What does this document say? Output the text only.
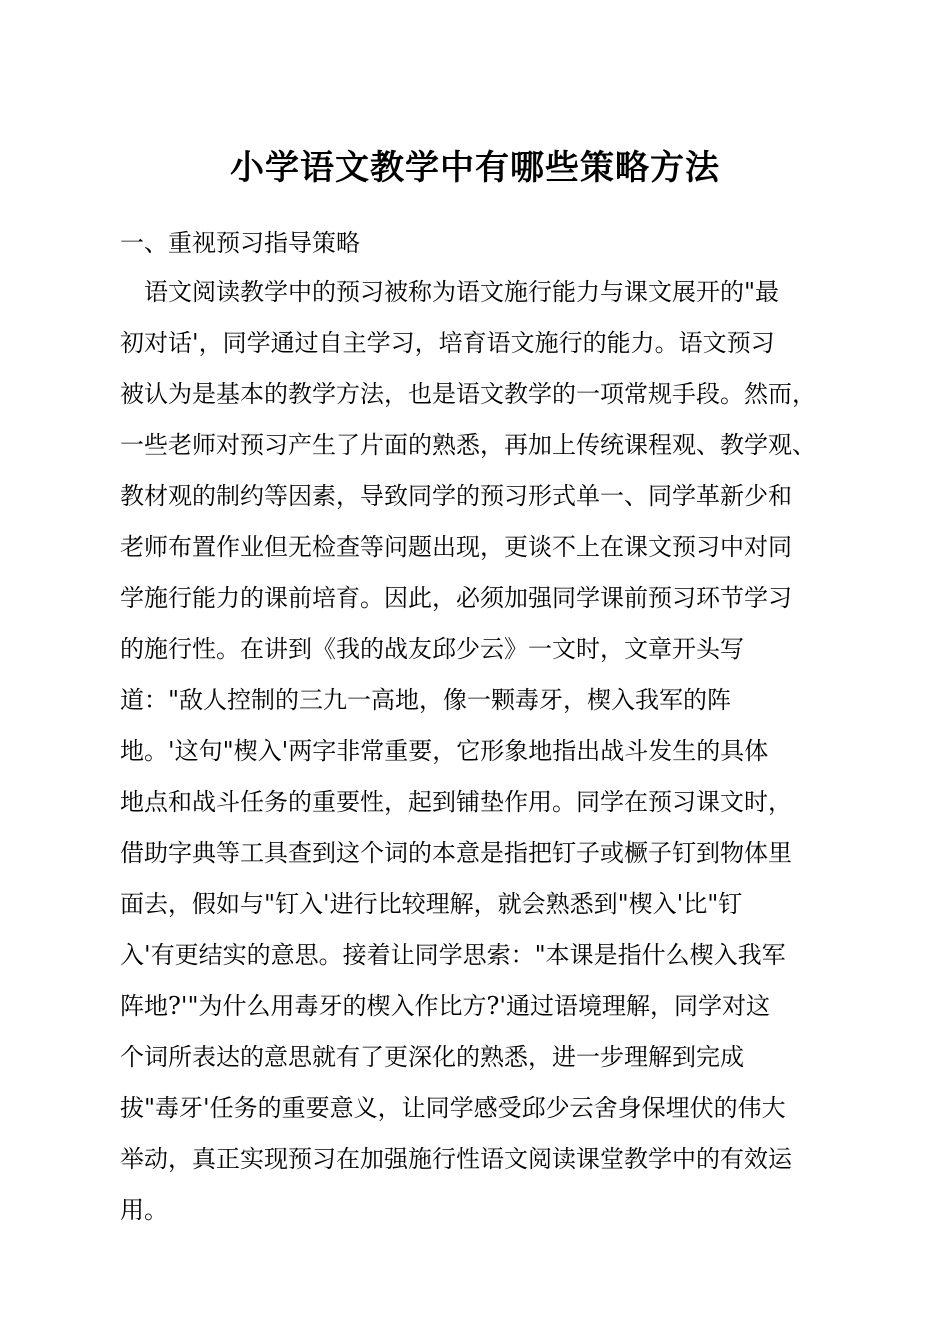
小学语文教学中有哪些策略方法
一、重视预习指导策略
语文阅读教学中的预习被称为语文施行能力与课文展开的"最
初对话'，同学通过自主学习，培育语文施行的能力。语文预习
被认为是基本的教学方法，也是语文教学的一项常规手段。然而，
一些老师对预习产生了片面的熟悉，再加上传统课程观、教学观、
教材观的制约等因素，导致同学的预习形式单一、同学革新少和
老师布置作业但无检查等问题出现，更谈不上在课文预习中对同
学施行能力的课前培育。因此，必须加强同学课前预习环节学习
的施行性。在讲到《我的战友邱少云》一文时，文章开头写
道："敌人控制的三九一高地，像一颗毒牙，楔入我军的阵
地。'这句"楔入'两字非常重要，它形象地指出战斗发生的具体
地点和战斗任务的重要性，起到铺垫作用。同学在预习课文时，
借助字典等工具查到这个词的本意是指把钉子或橛子钉到物体里
面去，假如与"钉入'进行比较理解，就会熟悉到"楔入'比"钉
入'有更结实的意思。接着让同学思索："本课是指什么楔入我军
阵地?'"为什么用毒牙的楔入作比方?'通过语境理解，同学对这
个词所表达的意思就有了更深化的熟悉，进一步理解到完成
拔"毒牙'任务的重要意义，让同学感受邱少云舍身保埋伏的伟大
举动，真正实现预习在加强施行性语文阅读课堂教学中的有效运
用。
